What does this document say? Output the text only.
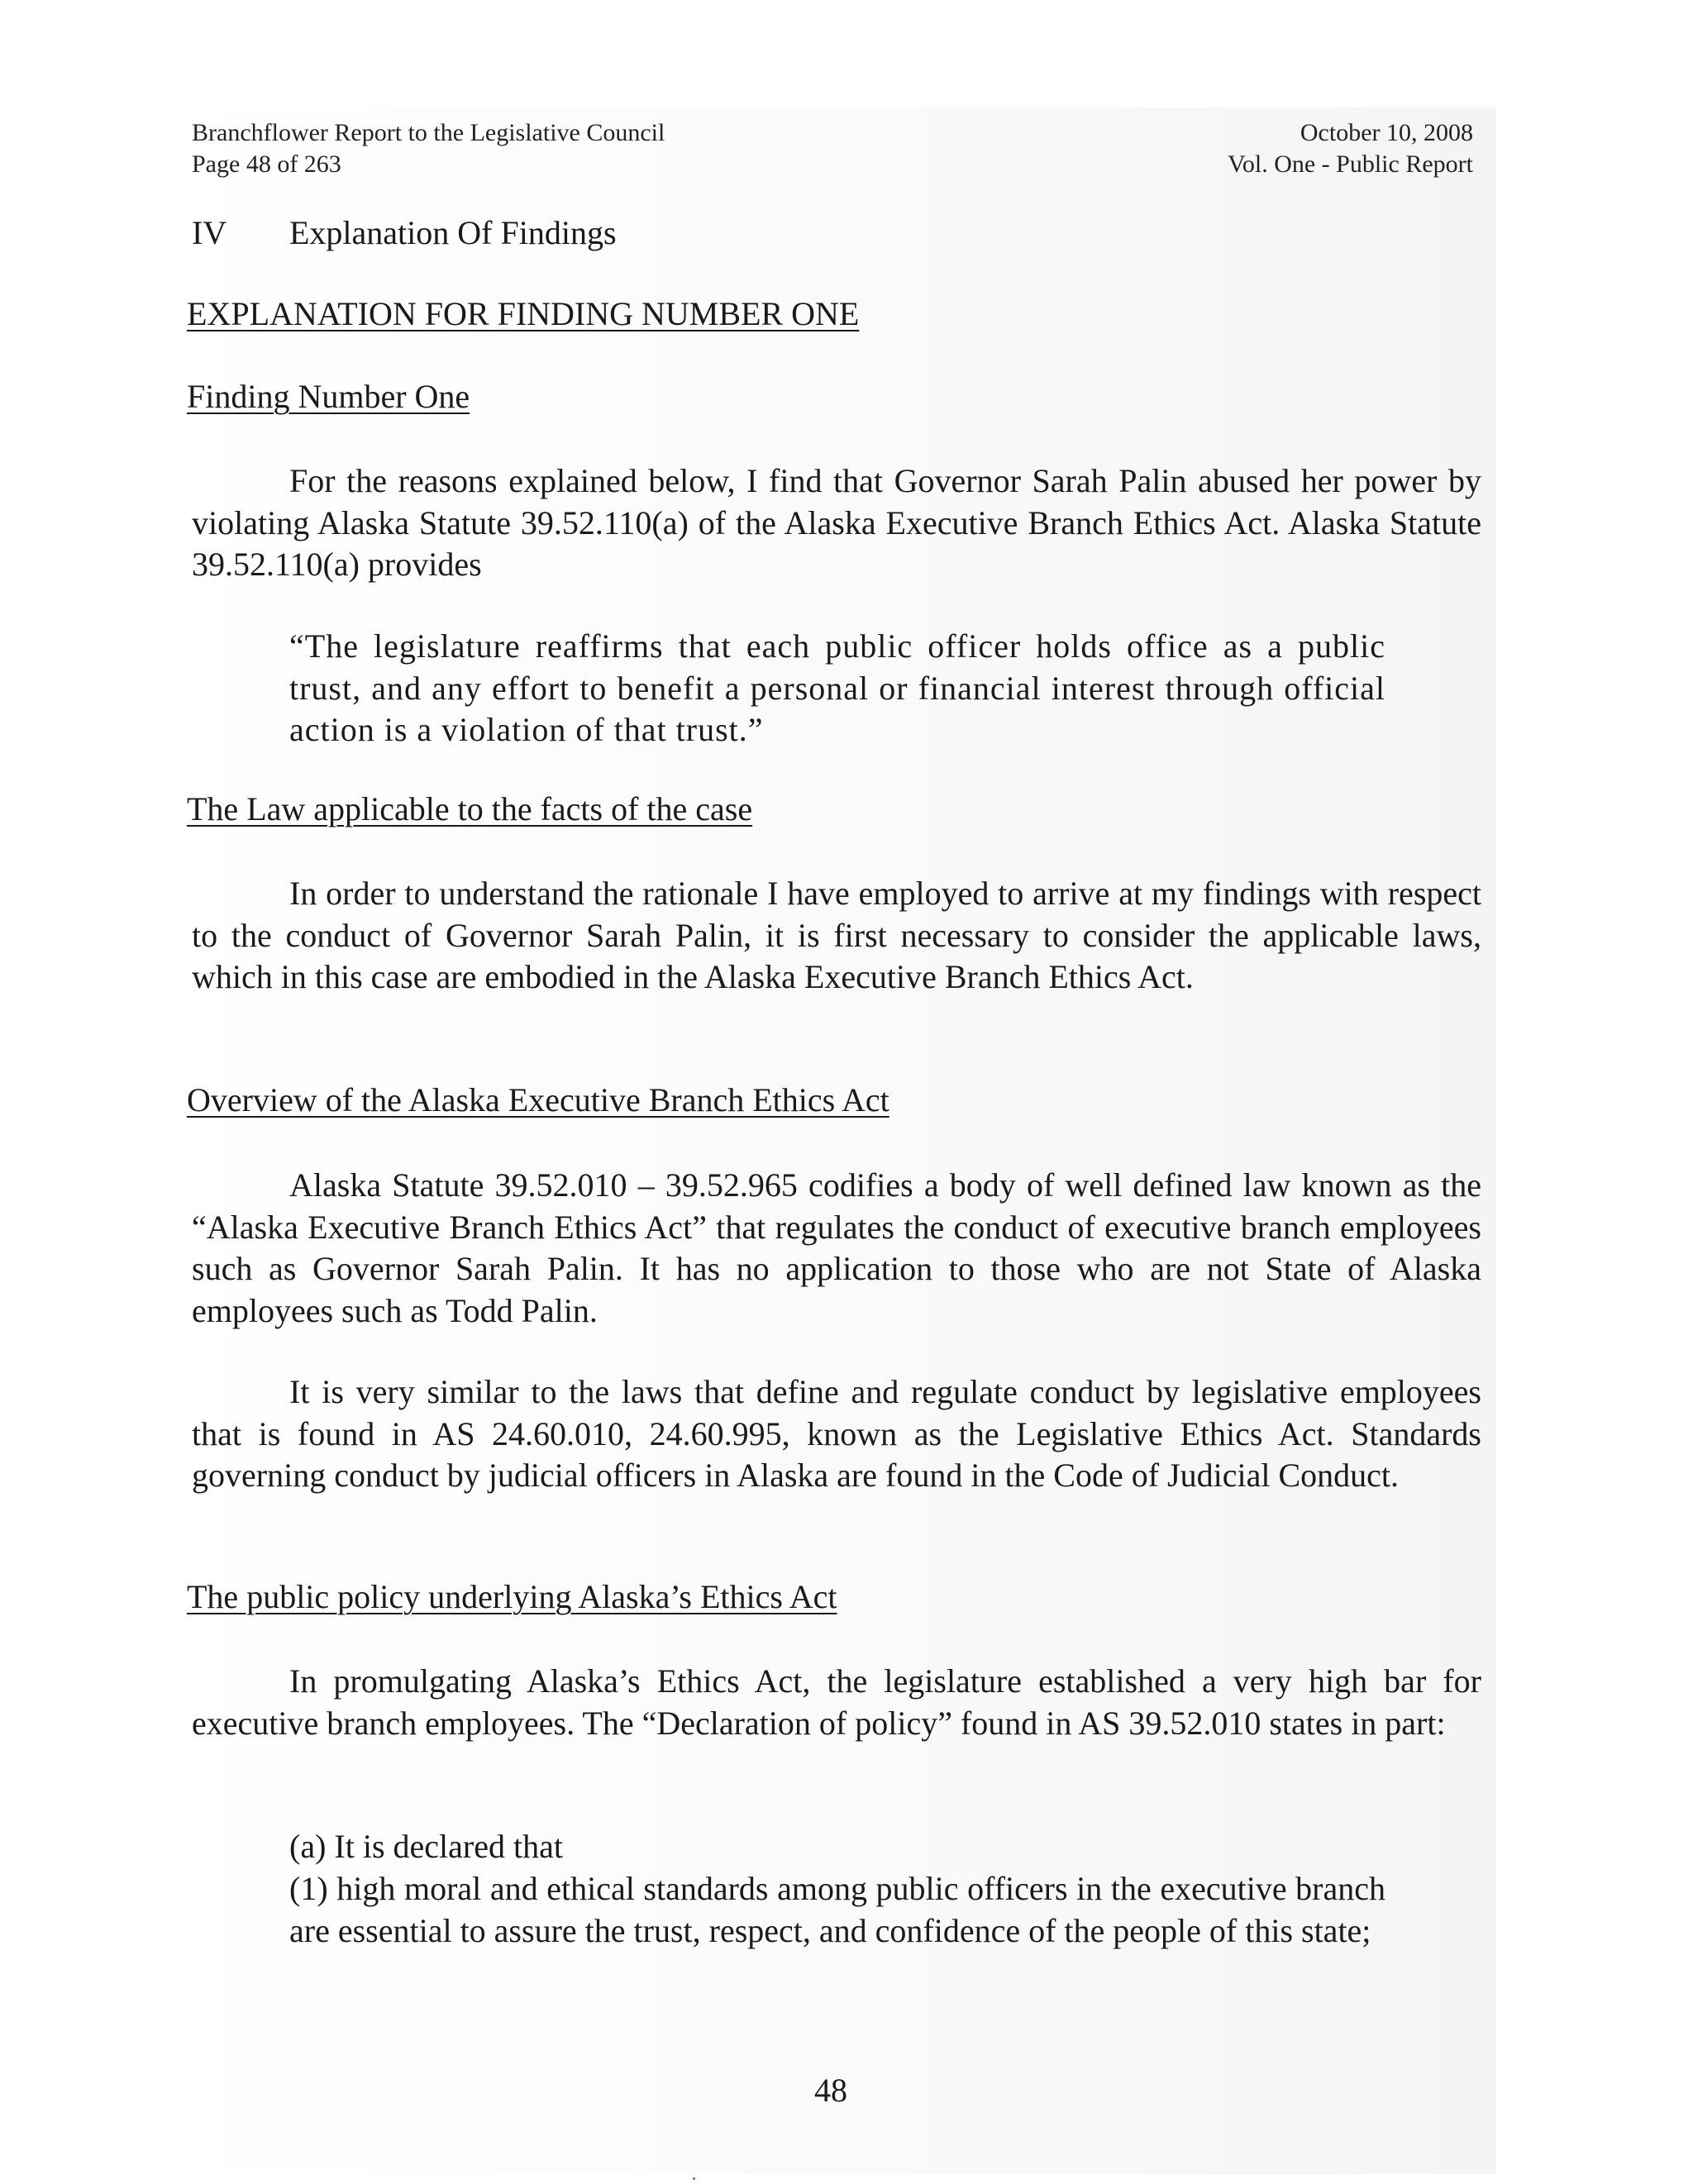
Branchflower Report to the Legislative Council
Page 48 of 263
October 10, 2008
Vol. One - Public Report
IV Explanation Of Findings
EXPLANATION FOR FINDING NUMBER ONE
Finding Number One
For the reasons explained below, I find that Governor Sarah Palin abused her power by violating Alaska Statute 39.52.110(a) of the Alaska Executive Branch Ethics Act. Alaska Statute 39.52.110(a) provides
“The legislature reaffirms that each public officer holds office as a public trust, and any effort to benefit a personal or financial interest through official action is a violation of that trust.”
The Law applicable to the facts of the case
In order to understand the rationale I have employed to arrive at my findings with respect to the conduct of Governor Sarah Palin, it is first necessary to consider the applicable laws, which in this case are embodied in the Alaska Executive Branch Ethics Act.
Overview of the Alaska Executive Branch Ethics Act
Alaska Statute 39.52.010 – 39.52.965 codifies a body of well defined law known as the “Alaska Executive Branch Ethics Act” that regulates the conduct of executive branch employees such as Governor Sarah Palin. It has no application to those who are not State of Alaska employees such as Todd Palin.
It is very similar to the laws that define and regulate conduct by legislative employees that is found in AS 24.60.010, 24.60.995, known as the Legislative Ethics Act. Standards governing conduct by judicial officers in Alaska are found in the Code of Judicial Conduct.
The public policy underlying Alaska’s Ethics Act
In promulgating Alaska’s Ethics Act, the legislature established a very high bar for executive branch employees. The “Declaration of policy” found in AS 39.52.010 states in part:
(a) It is declared that
(1) high moral and ethical standards among public officers in the executive branch are essential to assure the trust, respect, and confidence of the people of this state;
48
